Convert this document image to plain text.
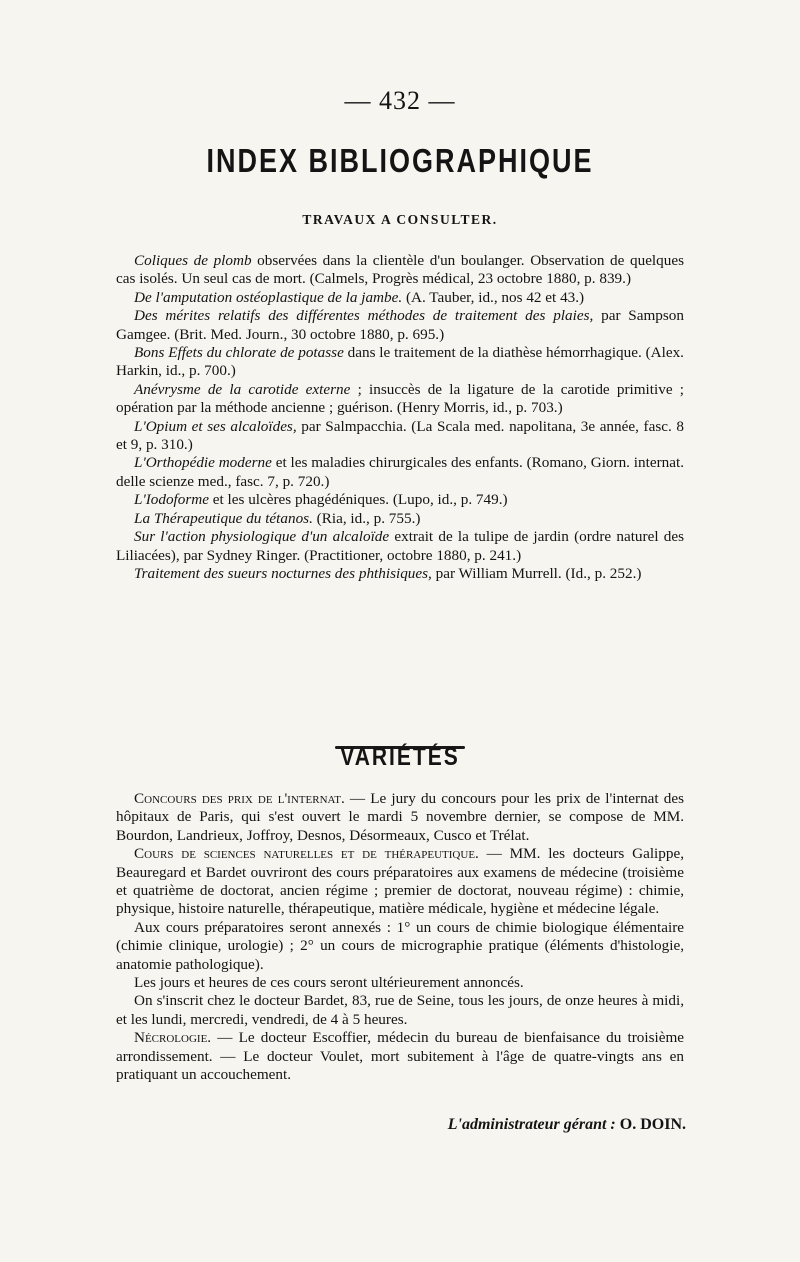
— 432 —
INDEX BIBLIOGRAPHIQUE
TRAVAUX A CONSULTER.

Coliques de plomb observées dans la clientèle d'un boulanger. Observation de quelques cas isolés. Un seul cas de mort. (Calmels, Progrès médical, 23 octobre 1880, p. 839.)

De l'amputation ostéoplastique de la jambe. (A. Tauber, id., nos 42 et 43.)

Des mérites relatifs des différentes méthodes de traitement des plaies, par Sampson Gamgee. (Brit. Med. Journ., 30 octobre 1880, p. 695.)

Bons Effets du chlorate de potasse dans le traitement de la diathèse hémorrhagique. (Alex. Harkin, id., p. 700.)

Anévrysme de la carotide externe ; insuccès de la ligature de la carotide primitive ; opération par la méthode ancienne ; guérison. (Henry Morris, id., p. 703.)

L'Opium et ses alcaloïdes, par Salmpacchia. (La Scala med. napolitana, 3e année, fasc. 8 et 9, p. 310.)

L'Orthopédie moderne et les maladies chirurgicales des enfants. (Romano, Giorn. internat. delle scienze med., fasc. 7, p. 720.)

L'Iodoforme et les ulcères phagédéniques. (Lupo, id., p. 749.)

La Thérapeutique du tétanos. (Ria, id., p. 755.)

Sur l'action physiologique d'un alcaloïde extrait de la tulipe de jardin (ordre naturel des Liliacées), par Sydney Ringer. (Practitioner, octobre 1880, p. 241.)

Traitement des sueurs nocturnes des phthisiques, par William Murrell. (Id., p. 252.)

VARIÉTÉS

Concours des prix de l'internat. — Le jury du concours pour les prix de l'internat des hôpitaux de Paris, qui s'est ouvert le mardi 5 novembre dernier, se compose de MM. Bourdon, Landrieux, Joffroy, Desnos, Désormeaux, Cusco et Trélat.

Cours de sciences naturelles et de thérapeutique. — MM. les docteurs Galippe, Beauregard et Bardet ouvriront des cours préparatoires aux examens de médecine (troisième et quatrième de doctorat, ancien régime ; premier de doctorat, nouveau régime) : chimie, physique, histoire naturelle, thérapeutique, matière médicale, hygiène et médecine légale.

Aux cours préparatoires seront annexés : 1° un cours de chimie biologique élémentaire (chimie clinique, urologie) ; 2° un cours de micrographie pratique (éléments d'histologie, anatomie pathologique).

Les jours et heures de ces cours seront ultérieurement annoncés.

On s'inscrit chez le docteur Bardet, 83, rue de Seine, tous les jours, de onze heures à midi, et les lundi, mercredi, vendredi, de 4 à 5 heures.

Nécrologie. — Le docteur Escoffier, médecin du bureau de bienfaisance du troisième arrondissement. — Le docteur Voulet, mort subitement à l'âge de quatre-vingts ans en pratiquant un accouchement.

L'administrateur gérant : O. DOIN.
